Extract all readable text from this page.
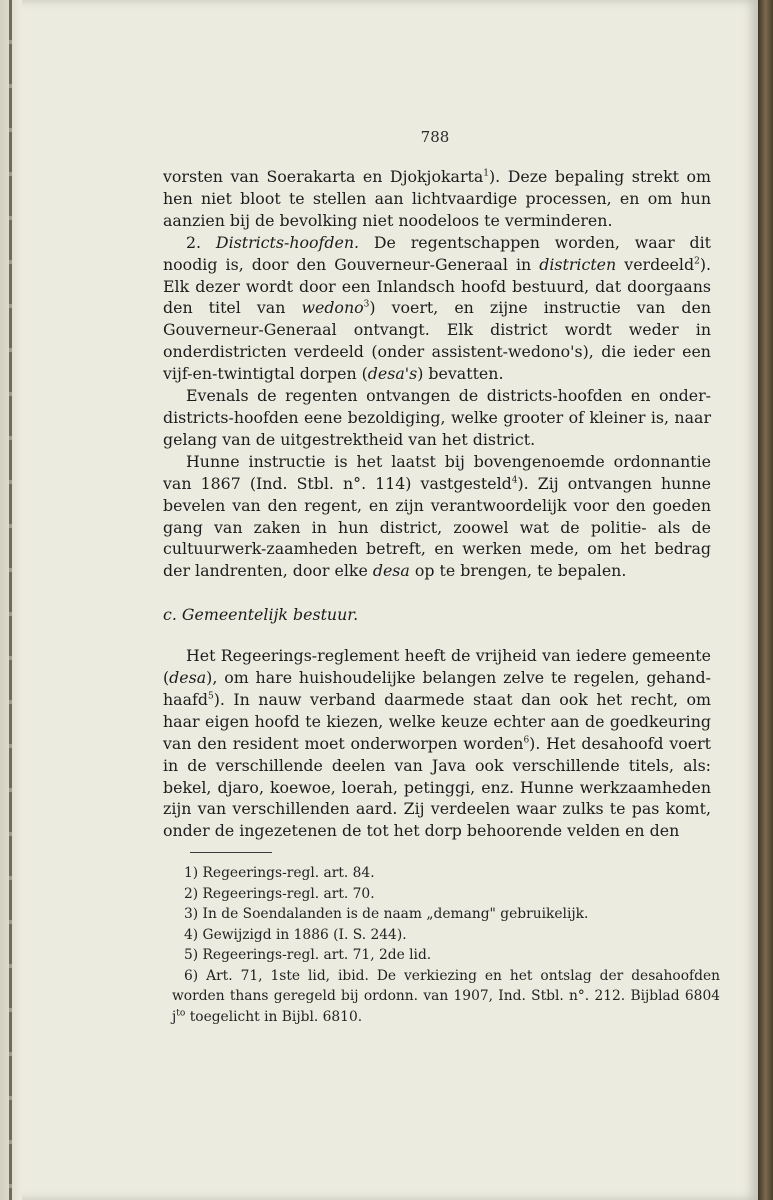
788

vorsten van Soerakarta en Djokjokarta$^1$). Deze bepaling strekt om hen niet bloot te stellen aan lichtvaardige processen, en om hun aanzien bij de bevolking niet noodeloos te verminderen.

2. Districts-hoofden. De regentschappen worden, waar dit noodig is, door den Gouverneur-Generaal in districten verdeeld$^2$). Elk dezer wordt door een Inlandsch hoofd bestuurd, dat doorgaans den titel van wedono$^3$) voert, en zijne instructie van den Gouverneur-Generaal ontvangt. Elk district wordt weder in onderdistricten verdeeld (onder assistent-wedono's), die ieder een vijf-en-twintigtal dorpen (desa's) bevatten.

Evenals de regenten ontvangen de districts-hoofden en onder-districts-hoofden eene bezoldiging, welke grooter of kleiner is, naar gelang van de uitgestrektheid van het district.

Hunne instructie is het laatst bij bovengenoemde ordonnantie van 1867 (Ind. Stbl. n°. 114) vastgesteld$^4$). Zij ontvangen hunne bevelen van den regent, en zijn verantwoordelijk voor den goeden gang van zaken in hun district, zoowel wat de politie- als de cultuurwerk-zaamheden betreft, en werken mede, om het bedrag der landrenten, door elke desa op te brengen, te bepalen.

c. Gemeentelijk bestuur.

Het Regeerings-reglement heeft de vrijheid van iedere gemeente (desa), om hare huishoudelijke belangen zelve te regelen, gehand-haafd$^5$). In nauw verband daarmede staat dan ook het recht, om haar eigen hoofd te kiezen, welke keuze echter aan de goedkeuring van den resident moet onderworpen worden$^6$). Het desahoofd voert in de verschillende deelen van Java ook verschillende titels, als: bekel, djaro, koewoe, loerah, petinggi, enz. Hunne werkzaamheden zijn van verschillenden aard. Zij verdeelen waar zulks te pas komt, onder de ingezetenen de tot het dorp behoorende velden en den

1) Regeerings-regl. art. 84.

2) Regeerings-regl. art. 70.

3) In de Soendalanden is de naam „demang" gebruikelijk.

4) Gewijzigd in 1886 (I. S. 244).

5) Regeerings-regl. art. 71, 2de lid.

6) Art. 71, 1ste lid, ibid. De verkiezing en het ontslag der desahoofden worden thans geregeld bij ordonn. van 1907, Ind. Stbl. n°. 212. Bijblad 6804 $j^{to}$ toegelicht in Bijbl. 6810.
